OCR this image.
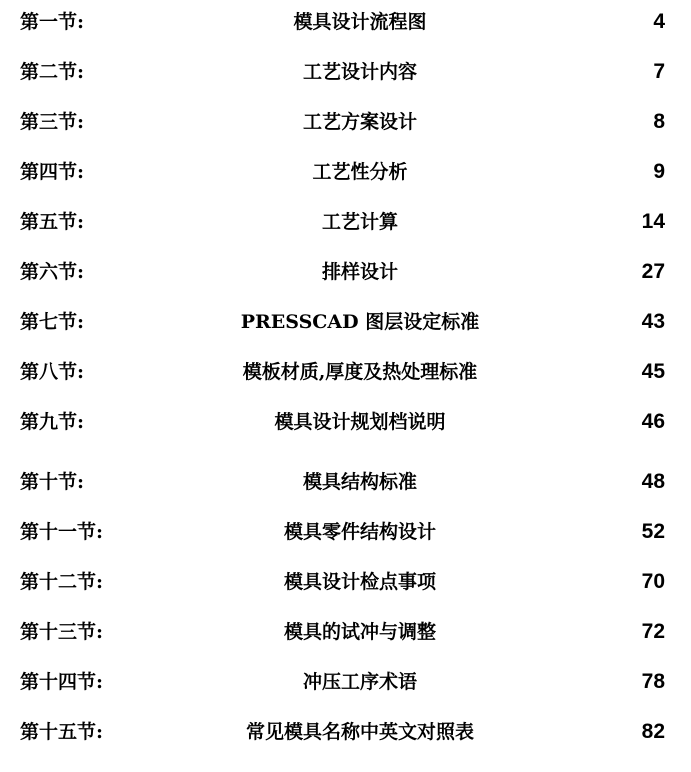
第一节:	模具设计流程图	4
第二节:	工艺设计内容	7
第三节:	工艺方案设计	8
第四节:	工艺性分析	9
第五节:	工艺计算	14
第六节:	排样设计	27
第七节:	PRESSCAD 图层设定标准	43
第八节:	模板材质,厚度及热处理标准	45
第九节:	模具设计规划档说明	46
第十节:	模具结构标准	48
第十一节:	模具零件结构设计	52
第十二节:	模具设计检点事项	70
第十三节:	模具的试冲与调整	72
第十四节:	冲压工序术语	78
第十五节:	常见模具名称中英文对照表	82
